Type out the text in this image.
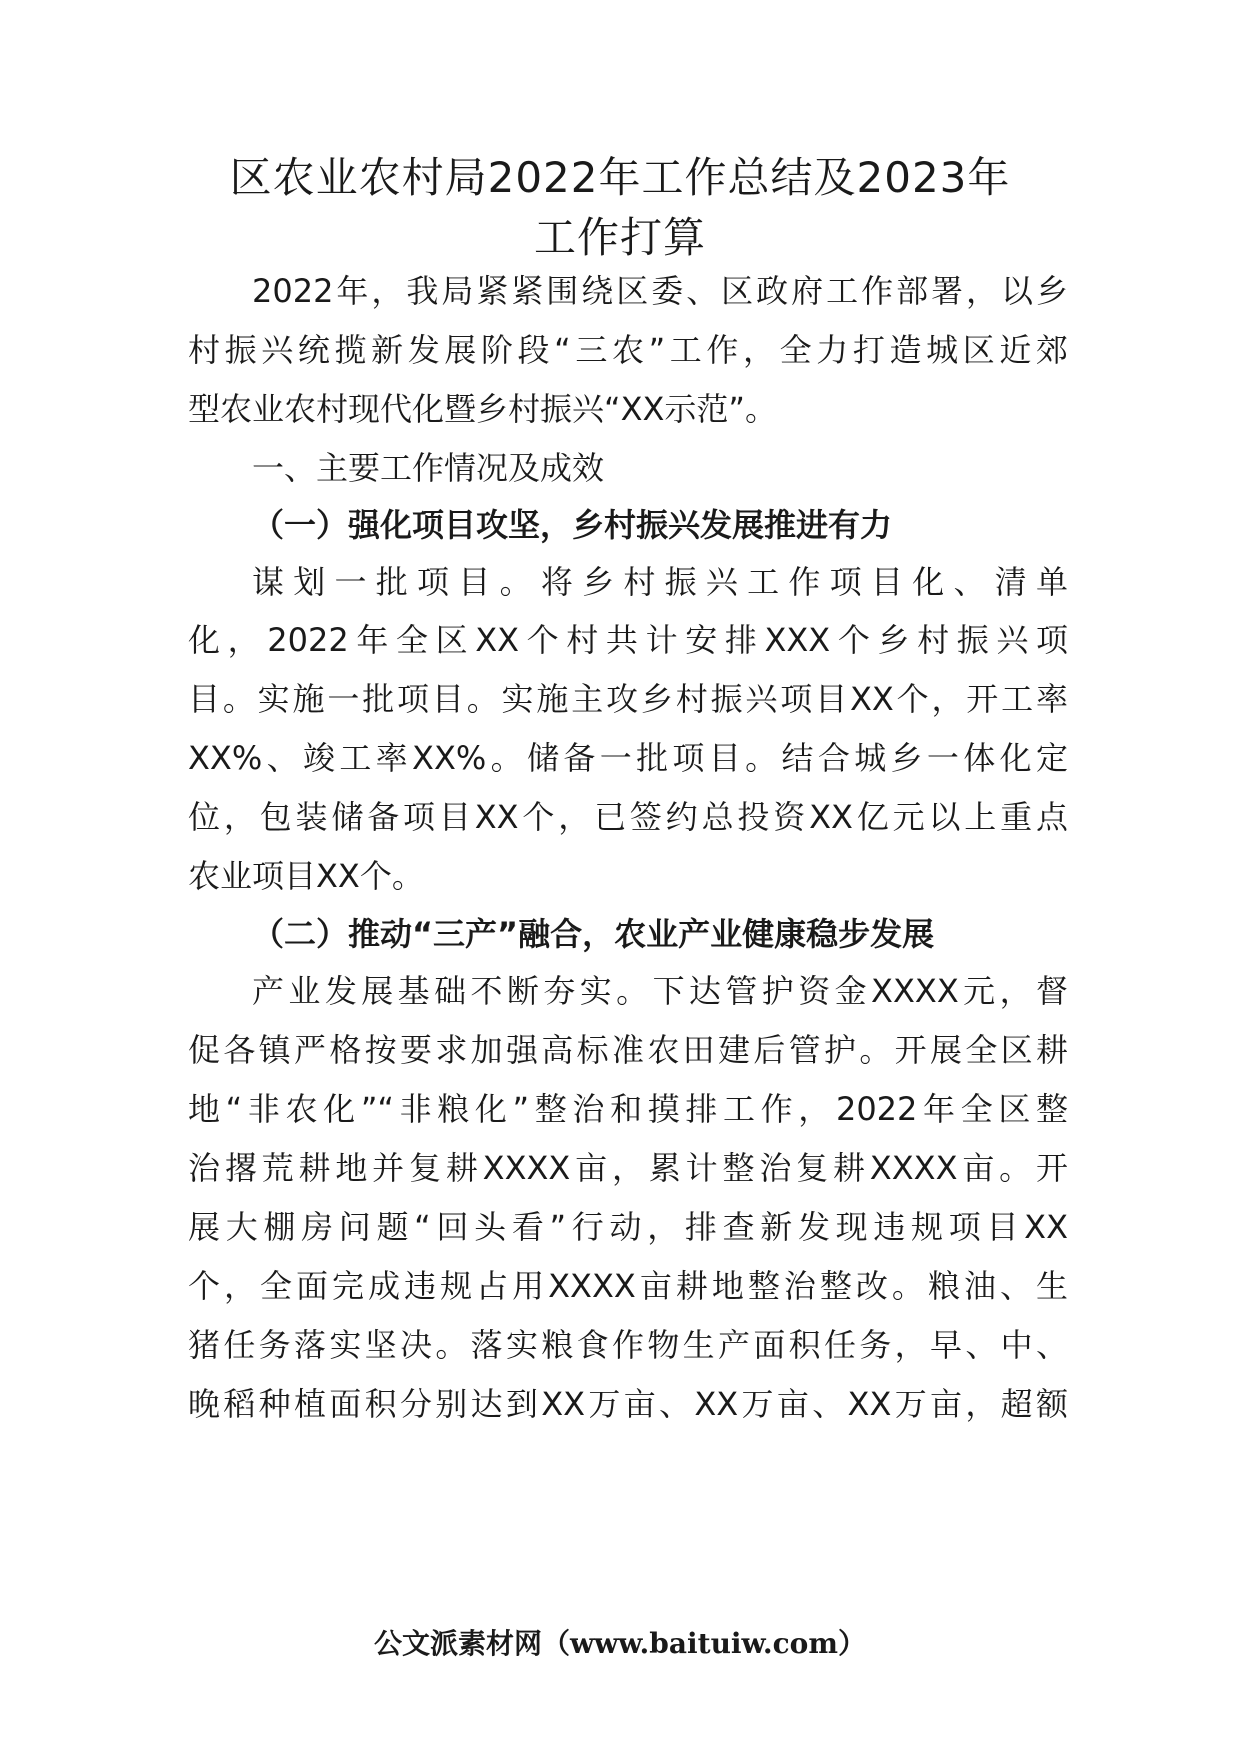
区农业农村局2022年工作总结及2023年
工作打算

2022年，我局紧紧围绕区委、区政府工作部署，以乡

村振兴统揽新发展阶段“三农”工作，全力打造城区近郊

型农业农村现代化暨乡村振兴“XX示范”。

一、主要工作情况及成效

（一）强化项目攻坚，乡村振兴发展推进有力

谋划一批项目。将乡村振兴工作项目化、清单

化，2022年全区XX个村共计安排XXX个乡村振兴项

目。实施一批项目。实施主攻乡村振兴项目XX个，开工率

XX%、竣工率XX%。储备一批项目。结合城乡一体化定

位，包装储备项目XX个，已签约总投资XX亿元以上重点

农业项目XX个。

（二）推动“三产”融合，农业产业健康稳步发展

产业发展基础不断夯实。下达管护资金XXXX元，督

促各镇严格按要求加强高标准农田建后管护。开展全区耕

地“非农化”“非粮化”整治和摸排工作，2022年全区整

治撂荒耕地并复耕XXXX亩，累计整治复耕XXXX亩。开

展大棚房问题“回头看”行动，排查新发现违规项目XX

个，全面完成违规占用XXXX亩耕地整治整改。粮油、生

猪任务落实坚决。落实粮食作物生产面积任务，早、中、

晚稻种植面积分别达到XX万亩、XX万亩、XX万亩，超额

公文派素材网（www.baituiw.com）
